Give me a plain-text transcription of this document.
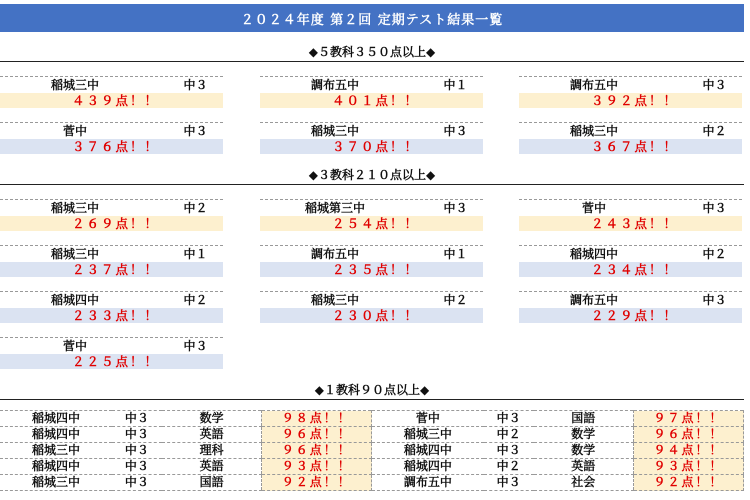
２０２４年度 第２回 定期テスト結果一覧
◆５教科３５０点以上◆
稲城三中	中３
４３９点！！
調布五中	中１
４０１点！！
調布五中	中３
３９２点！！
菅中	中３
３７６点！！
稲城三中	中３
３７０点！！
稲城三中	中２
３６７点！！
◆３教科２１０点以上◆
稲城三中	中２
２６９点！！
稲城第三中	中３
２５４点！！
菅中	中３
２４３点！！
稲城三中	中１
２３７点！！
調布五中	中１
２３５点！！
稲城四中	中２
２３４点！！
稲城四中	中２
２３３点！！
稲城三中	中２
２３０点！！
調布五中	中３
２２９点！！
菅中	中３
２２５点！！
◆１教科９０点以上◆
稲城四中	中３	数学	９８点！！	菅中	中３	国語	９７点！！
稲城四中	中３	英語	９６点！！	稲城三中	中２	数学	９６点！！
稲城三中	中３	理科	９６点！！	稲城四中	中３	数学	９４点！！
稲城四中	中３	英語	９３点！！	稲城四中	中２	英語	９３点！！
稲城三中	中３	国語	９２点！！	調布五中	中３	社会	９２点！！
